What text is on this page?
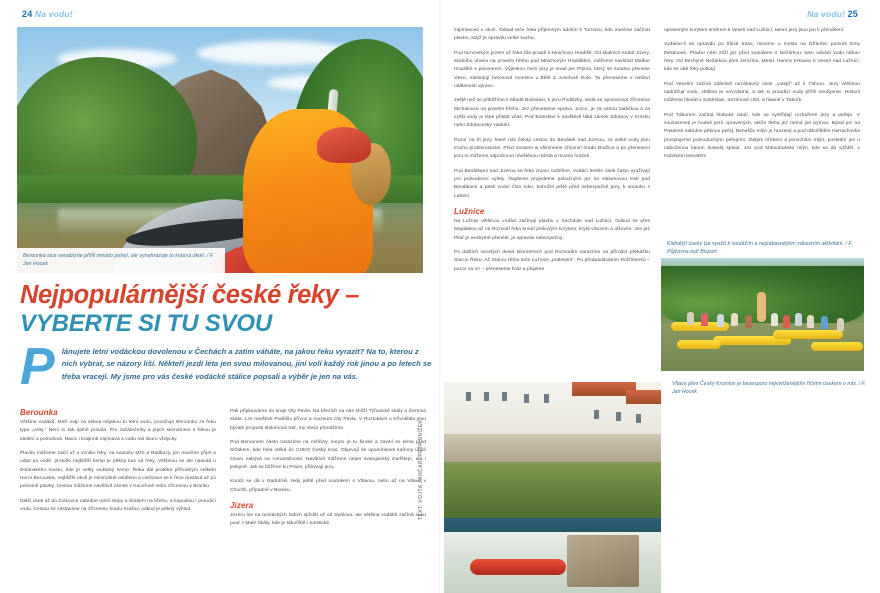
24 Na vodu!

Berounka sice nenabízne příliš mnoho peřejí, ale vynahrazuje to krásná okolí. / F. Jan Hocek

Nejpopulárnější české řeky –
VYBERTE SI TU SVOU
P lánujete letní vodáckou dovolenou v Čechách a zatím váháte, na jakou řeku vyrazit? Na to, kterou z nich vybrat, se názory liší. Někteří jezdí léta jen svou milovanou, jiní volí každý rok jinou a po letech se třeba vracejí. My jsme pro vás české vodácké stálice popsali a výběr je jen na vás.

Berounka

Většina vodáků, kteří mají za sebou nějakou tu letní vodu, považuje Berounku za řeku typu „volej.“ Není to tak úplně pravda. Pro začátečníky a jejich seznámení s řekou je ideální a pohodová. Navíc i krajinně zajímavá a vodu má skoro vždycky.

Plavbu můžeme začít už u vzniku řeky, na soutoku Mže a Radbuzy, jen musíme přijet a odjet po vodě, protože nejbližší kemp je pěkný kus od řeky. Většinou se ale nasedá u Dolanského mostu, kde je velký vodácký kemp. Řeka dál protéká příhodným celkem Horní Berounka, nejbližší okolí je minimálně osídleno a civilizace se k řece dostává až po polovině plavby. Cestou můžeme navštívit zámek v Kaceřově nebo zříceninu v Branku.

Další úsek až do Zvíkovce nabídne údolí slepy a skalami na břehu, a kupodivu i proudící vodu. Cestou se zastavíme na zříceninu hradu Krašov, odkud je pěkný výhled.

Pak připlouváme do kraje Oty Pavla. Na březích na nás shlíží Týřovické skály a Čertova skála. Lze navštívit Prašilův přívoz a muzeum Oty Pavla. V Roztokách u Křivoklátu jsou bývalé propusti slalomová trať, my vlevo přenášíme.

Pod Berounem často narazíme na mělčiny, koryto je tu široké a zaviní se téma před Srbskem, kde řeka vtéká do CHKO Český kras. Objevují se upomínkové kaňony údolí znovu nabývá na romantičnosti. Navštívit můžeme nejen svatojanský Karlštejn, ale i jeskyně. Jak se blížíme ku Praze, přibývají jezy.

Končit se dá v Radotíně, tedy ještě před soutokem s Vltavou, nebo až na Vltavě v Chuchli, případně v Branku.

Jizera

Jezeru lze na turistických lodích sjíždět už od Spálova, ale většina vodáků začíná svou pouť z Malé Skály, kde je tábořiště i turistické

TEXT: VOJTA JANČAR, PETR SNÍŽEK
Na vodu! 25

zajímavostí v okolí. Odsud teče řeka příjemným údolím k Turnovu, kde musíme začínat plavbu, když je opravdu velké sucho.

Pod turnovským jezem už řeka čile proudí k Mnichovu Hradišti. Od skalních srubů Jizery, skalního útvaru na pravém břehu pod Mnichovým Hradištěm, můžeme navštívit Malbor Hradiště s pivovarem. Výjimkou mezi jezy je snad jen Ptýrov, který se snadno přenese vlevo, následují betonová monstra v Bělé a Josefově Dole. Ta přeneseme v ústřeví událenosti vpravo.

Ještě než se přiblížíme k Mladé Boleslavi, k jezu Podlázky, nedá se opomenout zřícenina Michalovce na pravém břehu. Jez přeneseme vpravo, pozor, je za ostrou zatáčkou a za vyšší vody je lépe přistát včas. Pod Boleslaví k návštěvě láká zámek Zdránov v Krnsku nebo Zdránovský viadukt.

Pozor na tři jezy, které nás čekají cestou do Benátek nad Jizerou, za velké vody jsou trochu problematické. Před mostem si všimneme zřícenin hradu Dražice a po přenesení jezu si můžeme odpočinout návštěvou města a muzea hraček.

Pod Benátkami nad Jizerou se řeka znovu rozbíhne. Vodáci tenhle úsek často využívají pro jednodenní výlety. Najdeme projedeme pobočnými jez se slalomovou tratí pod Benátkami a pasti vodní člun toku, bohužel ještě před nebezpečné jezy, k soutoku s Labem.

Lužnice

Na Lužnici většinou vodáci začínají plavbu v Suchdole nad Lužnicí. Odsud se přes Majdalenu až na Rozvodí řeka kroutí pískovým korytem, krytá vrbovím a olšovím. Jen jez Pilař je nezbytné přenést, je opravdu nebezpečný.

Po dalších necelých deset kilometrech pod Rozvodím narazíme na přírodní překážku Starou Řeku. Až Starou Hlínu teče Lužnice „pralesem“. Po předpádáváním Rožmberka – pozor na vír – přeneseme hráz a plujeme

upraveným korytem směrem k Veselí nad Lužnicí, tamní jezy jsou jen k přenášení.

Vydáme-li se opravdu po líbivé trase, mineme u mostu na Dříteňec pomník Emy Destinové. Plavbu nám ztíží jez před soutokem s Nežárkou, kam odvádí vodu náhon řeky. Od Bechyně Nežárkou přes Jemčinu, Metel, Hamra Krkavec k Veselí nad Lužnicí, kde se obě řeky potkají.

Pod Veselím začíná zdánlivě nezábavný úsek „volejů“ až k Táboru. Jezy většinou nadrážují vodu, většina je nevzdatná, a tak si proudící vody příliš neužijeme. Historii můžeme hledat v Soběslavi, Sezimově Ústí, a hlavně v Táboře.

Pod Táborem začíná hluboké údolí, kde se vystřídají rozbořené jezy a peřeje. V současnosti je hodně jezů opravených, takže třeba jez nemá jen pytnou. Býval jez na Paseimě nabídne pěknou peřej. Benešův mlýn je hrazený a pod tábořištěm Harrachovka prosplujeme jednoduchými peřejemi. Zlatým hřebem a jezvíchům mlýn, poslední jez u naboženou kanon dosedá splout. Jez pod Matoubukský mlýn, kde se dá sjíždět, v Hubském lesnatém

Klidnější úseky lze využít k soutěžím a nejzábavnějším zábavním aktivitám. / F. Půjčovna lodí Bisport

Vltava přes Český Krumlov je bezesporu nejvytíženějším říčním úsekem u nás. / F. Jan Hocek
